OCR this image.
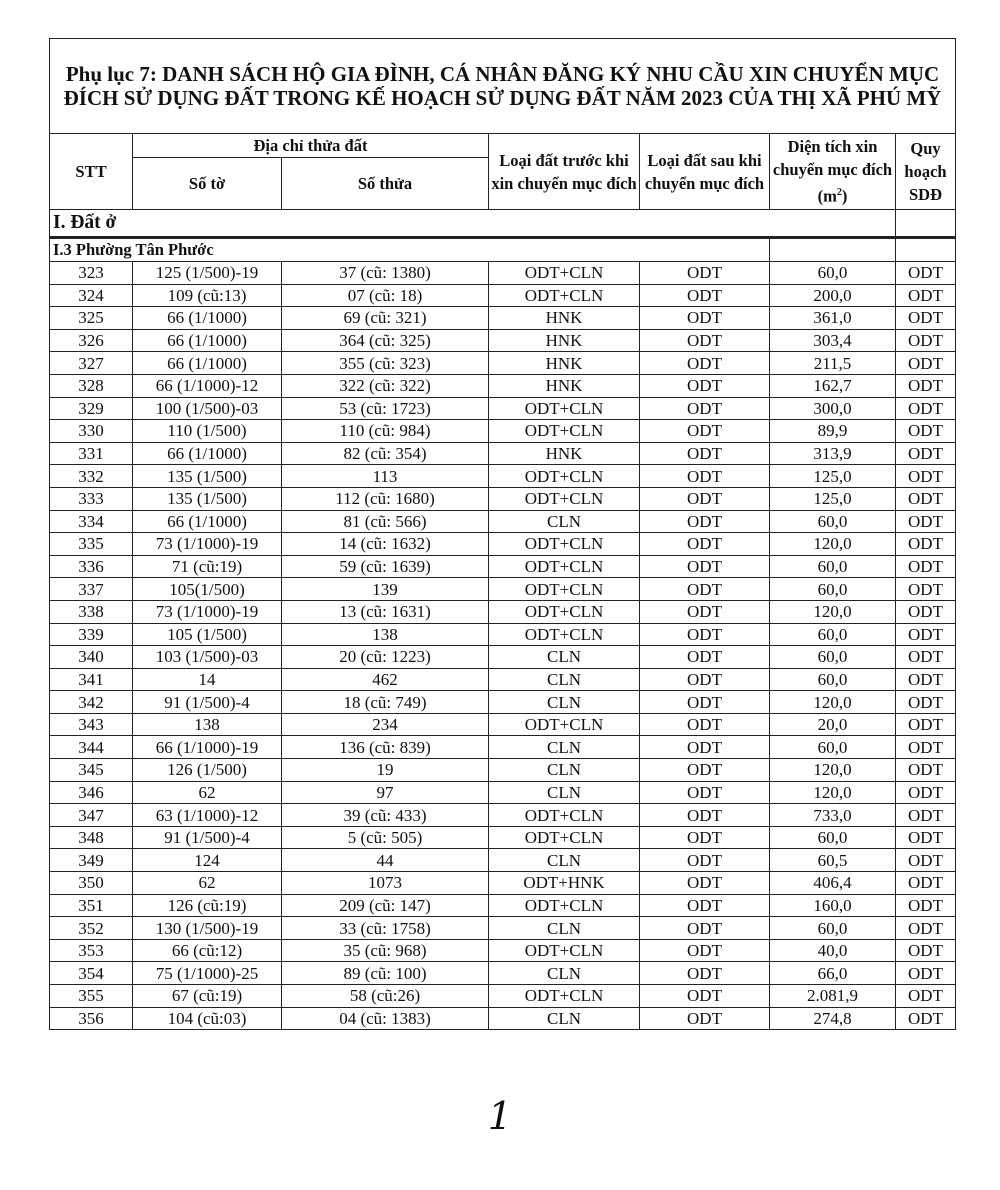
Phụ lục 7: DANH SÁCH HỘ GIA ĐÌNH, CÁ NHÂN ĐĂNG KÝ NHU CẦU XIN CHUYỂN MỤC ĐÍCH SỬ DỤNG ĐẤT TRONG KẾ HOẠCH SỬ DỤNG ĐẤT NĂM 2023 CỦA THỊ XÃ PHÚ MỸ						
STT	Địa chỉ thửa đất		Loại đất trước khi xin chuyển mục đích	Loại đất sau khi chuyển mục đích	Diện tích xin chuyển mục đích $(m^2)$	Quy hoạch SDĐ
	Số tờ	Số thửa				
I. Đất ở						
I.3 Phường Tân Phước						
323	125 (1/500)-19	37 (cũ: 1380)	ODT+CLN	ODT	60,0	ODT
324	109 (cũ:13)	07 (cũ: 18)	ODT+CLN	ODT	200,0	ODT
325	66 (1/1000)	69 (cũ: 321)	HNK	ODT	361,0	ODT
326	66 (1/1000)	364 (cũ: 325)	HNK	ODT	303,4	ODT
327	66 (1/1000)	355 (cũ: 323)	HNK	ODT	211,5	ODT
328	66 (1/1000)-12	322 (cũ: 322)	HNK	ODT	162,7	ODT
329	100 (1/500)-03	53 (cũ: 1723)	ODT+CLN	ODT	300,0	ODT
330	110 (1/500)	110 (cũ: 984)	ODT+CLN	ODT	89,9	ODT
331	66 (1/1000)	82 (cũ: 354)	HNK	ODT	313,9	ODT
332	135 (1/500)	113	ODT+CLN	ODT	125,0	ODT
333	135 (1/500)	112 (cũ: 1680)	ODT+CLN	ODT	125,0	ODT
334	66 (1/1000)	81 (cũ: 566)	CLN	ODT	60,0	ODT
335	73 (1/1000)-19	14 (cũ: 1632)	ODT+CLN	ODT	120,0	ODT
336	71 (cũ:19)	59 (cũ: 1639)	ODT+CLN	ODT	60,0	ODT
337	105(1/500)	139	ODT+CLN	ODT	60,0	ODT
338	73 (1/1000)-19	13 (cũ: 1631)	ODT+CLN	ODT	120,0	ODT
339	105 (1/500)	138	ODT+CLN	ODT	60,0	ODT
340	103 (1/500)-03	20 (cũ: 1223)	CLN	ODT	60,0	ODT
341	14	462	CLN	ODT	60,0	ODT
342	91 (1/500)-4	18 (cũ: 749)	CLN	ODT	120,0	ODT
343	138	234	ODT+CLN	ODT	20,0	ODT
344	66 (1/1000)-19	136 (cũ: 839)	CLN	ODT	60,0	ODT
345	126 (1/500)	19	CLN	ODT	120,0	ODT
346	62	97	CLN	ODT	120,0	ODT
347	63 (1/1000)-12	39 (cũ: 433)	ODT+CLN	ODT	733,0	ODT
348	91 (1/500)-4	5 (cũ: 505)	ODT+CLN	ODT	60,0	ODT
349	124	44	CLN	ODT	60,5	ODT
350	62	1073	ODT+HNK	ODT	406,4	ODT
351	126 (cũ:19)	209 (cũ: 147)	ODT+CLN	ODT	160,0	ODT
352	130 (1/500)-19	33 (cũ: 1758)	CLN	ODT	60,0	ODT
353	66 (cũ:12)	35 (cũ: 968)	ODT+CLN	ODT	40,0	ODT
354	75 (1/1000)-25	89 (cũ: 100)	CLN	ODT	66,0	ODT
355	67 (cũ:19)	58 (cũ:26)	ODT+CLN	ODT	2.081,9	ODT
356	104 (cũ:03)	04 (cũ: 1383)	CLN	ODT	274,8	ODT
1
